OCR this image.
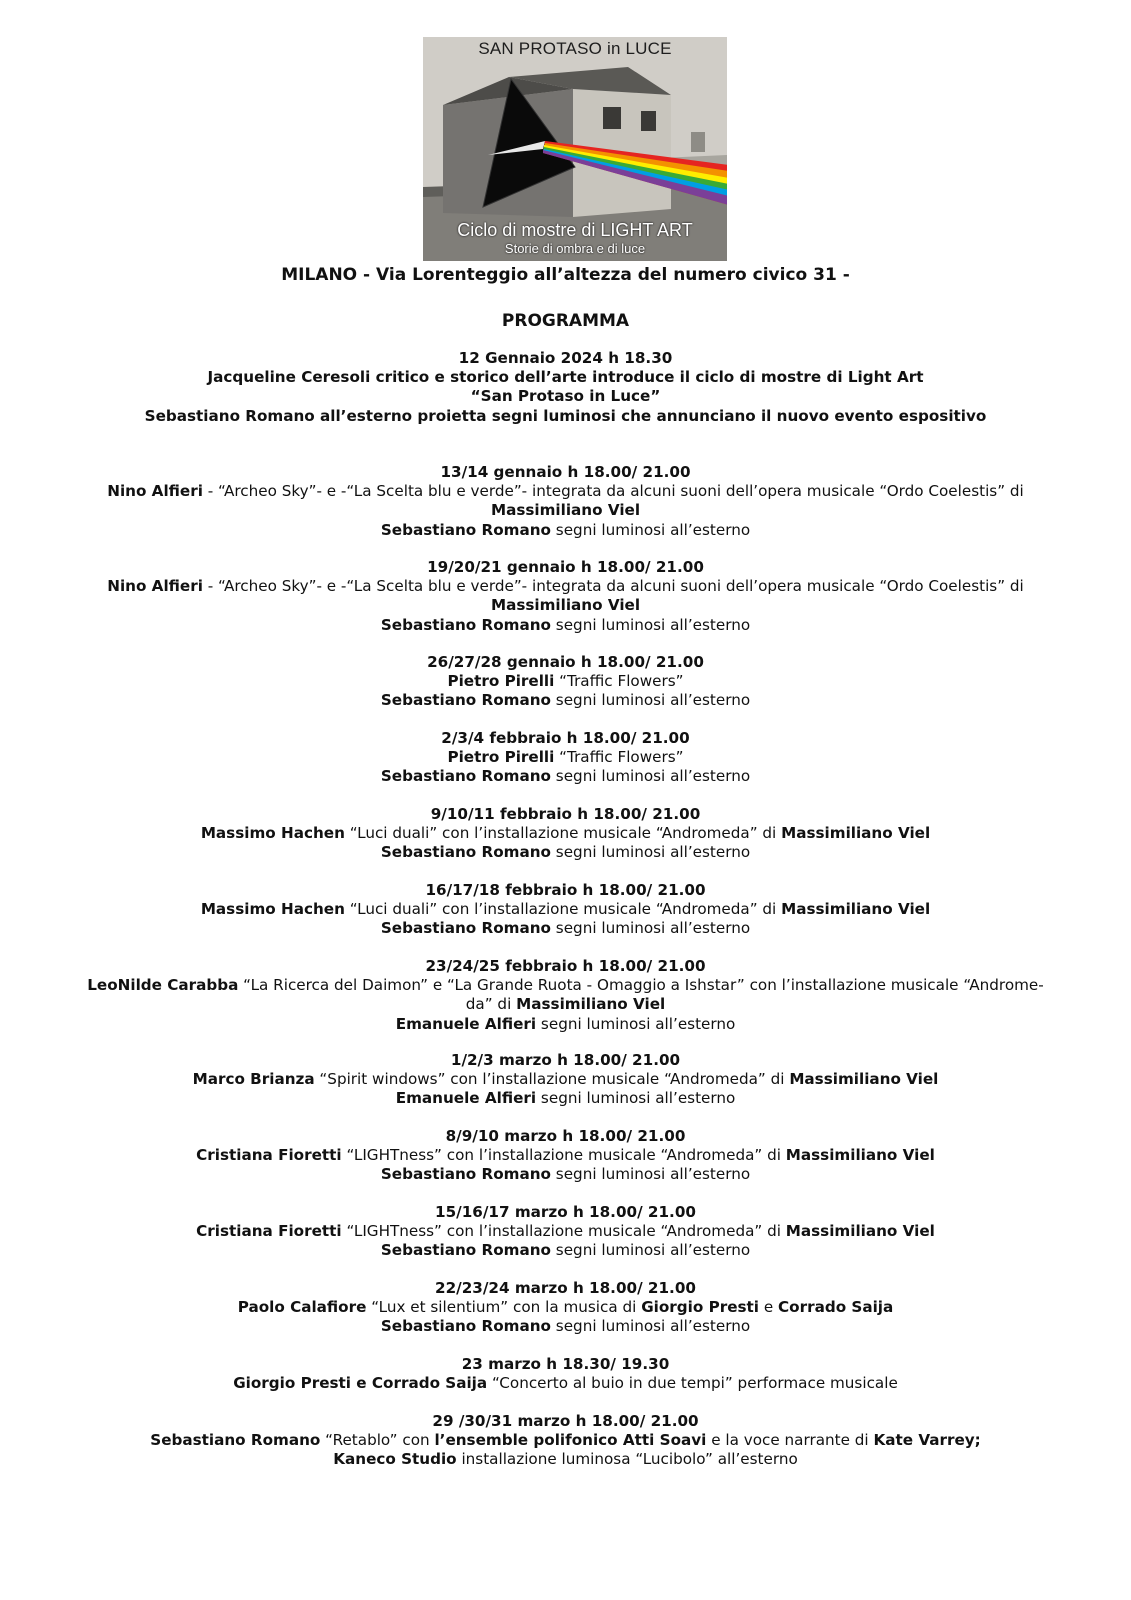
SAN PROTASO in LUCE
Ciclo di mostre di LIGHT ART
Storie di ombra e di luce
MILANO - Via Lorenteggio all’altezza del numero civico 31 -
PROGRAMMA
12 Gennaio 2024 h 18.30
Jacqueline Ceresoli critico e storico dell’arte introduce il ciclo di mostre di Light Art
“San Protaso in Luce”
Sebastiano Romano all’esterno proietta segni luminosi che annunciano il nuovo evento espositivo
13/14 gennaio h 18.00/ 21.00
Nino Alfieri - “Archeo Sky”- e -“La Scelta blu e verde”- integrata da alcuni suoni dell’opera musicale “Ordo Coelestis” di
Massimiliano Viel
Sebastiano Romano segni luminosi all’esterno
19/20/21 gennaio h 18.00/ 21.00
Nino Alfieri - “Archeo Sky”- e -“La Scelta blu e verde”- integrata da alcuni suoni dell’opera musicale “Ordo Coelestis” di
Massimiliano Viel
Sebastiano Romano segni luminosi all’esterno
26/27/28 gennaio h 18.00/ 21.00
Pietro Pirelli “Traffic Flowers”
Sebastiano Romano segni luminosi all’esterno
2/3/4 febbraio h 18.00/ 21.00
Pietro Pirelli “Traffic Flowers”
Sebastiano Romano segni luminosi all’esterno
9/10/11 febbraio h 18.00/ 21.00
Massimo Hachen “Luci duali” con l’installazione musicale “Andromeda” di Massimiliano Viel
Sebastiano Romano segni luminosi all’esterno
16/17/18 febbraio h 18.00/ 21.00
Massimo Hachen “Luci duali” con l’installazione musicale “Andromeda” di Massimiliano Viel
Sebastiano Romano segni luminosi all’esterno
23/24/25 febbraio h 18.00/ 21.00
LeoNilde Carabba “La Ricerca del Daimon” e “La Grande Ruota - Omaggio a Ishstar” con l’installazione musicale “Androme-
da” di Massimiliano Viel
Emanuele Alfieri segni luminosi all’esterno
1/2/3 marzo h 18.00/ 21.00
Marco Brianza “Spirit windows” con l’installazione musicale “Andromeda” di Massimiliano Viel
Emanuele Alfieri segni luminosi all’esterno
8/9/10 marzo h 18.00/ 21.00
Cristiana Fioretti “LIGHTness” con l’installazione musicale “Andromeda” di Massimiliano Viel
Sebastiano Romano segni luminosi all’esterno
15/16/17 marzo h 18.00/ 21.00
Cristiana Fioretti “LIGHTness” con l’installazione musicale “Andromeda” di Massimiliano Viel
Sebastiano Romano segni luminosi all’esterno
22/23/24 marzo h 18.00/ 21.00
Paolo Calafiore “Lux et silentium” con la musica di Giorgio Presti e Corrado Saija
Sebastiano Romano segni luminosi all’esterno
23 marzo h 18.30/ 19.30
Giorgio Presti e Corrado Saija “Concerto al buio in due tempi” performace musicale
29 /30/31 marzo h 18.00/ 21.00
Sebastiano Romano “Retablo” con l’ensemble polifonico Atti Soavi e la voce narrante di Kate Varrey;
Kaneco Studio installazione luminosa “Lucibolo” all’esterno
